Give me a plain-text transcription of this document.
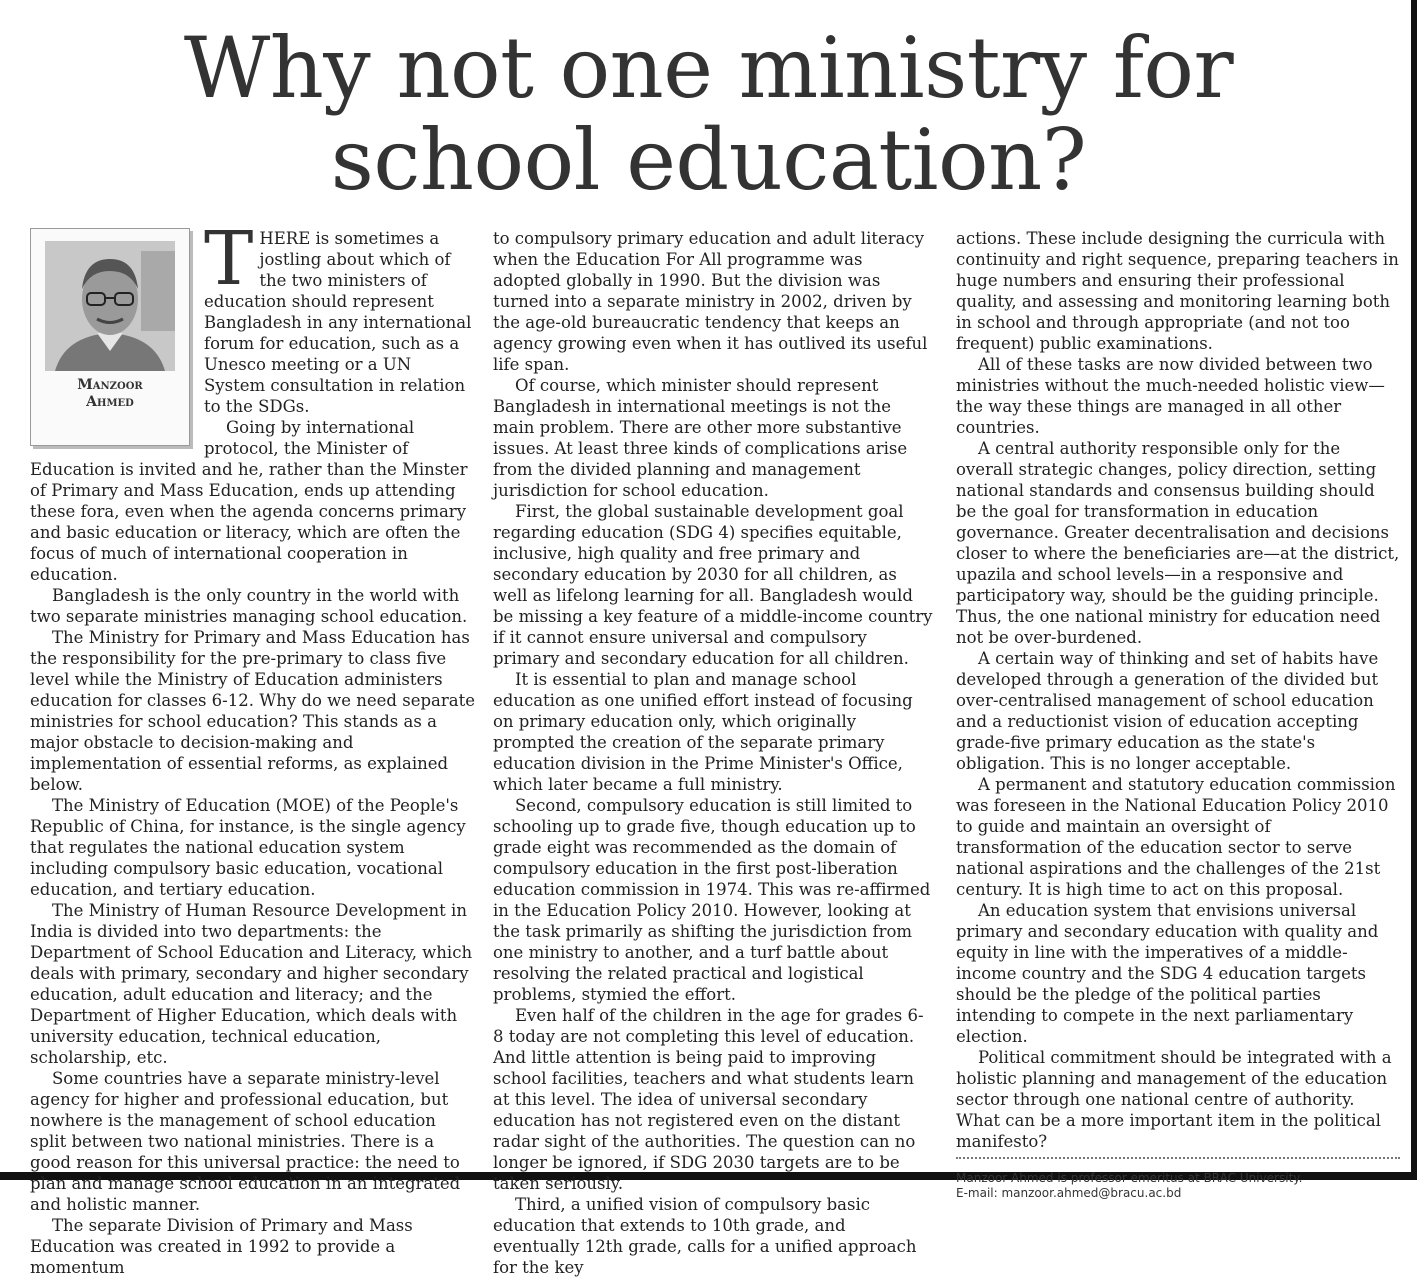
Why not one ministry for
school education?
Manzoor
Ahmed

THERE is sometimes a jostling about which of the two ministers of education should represent Bangladesh in any international forum for education, such as a Unesco meeting or a UN System consultation in relation to the SDGs.

Going by international protocol, the Minister of Education is invited and he, rather than the Minster of Primary and Mass Education, ends up attending these fora, even when the agenda concerns primary and basic education or literacy, which are often the focus of much of international cooperation in education.

Bangladesh is the only country in the world with two separate ministries managing school education.

The Ministry for Primary and Mass Education has the responsibility for the pre-primary to class five level while the Ministry of Education administers education for classes 6-12. Why do we need separate ministries for school education? This stands as a major obstacle to decision-making and implementation of essential reforms, as explained below.

The Ministry of Education (MOE) of the People's Republic of China, for instance, is the single agency that regulates the national education system including compulsory basic education, vocational education, and tertiary education.

The Ministry of Human Resource Development in India is divided into two departments: the Department of School Education and Literacy, which deals with primary, secondary and higher secondary education, adult education and literacy; and the Department of Higher Education, which deals with university education, technical education, scholarship, etc.

Some countries have a separate ministry-level agency for higher and professional education, but nowhere is the management of school education split between two national ministries. There is a good reason for this universal practice: the need to plan and manage school education in an integrated and holistic manner.

The separate Division of Primary and Mass Education was created in 1992 to provide a momentum

to compulsory primary education and adult literacy when the Education For All programme was adopted globally in 1990. But the division was turned into a separate ministry in 2002, driven by the age-old bureaucratic tendency that keeps an agency growing even when it has outlived its useful life span.

Of course, which minister should represent Bangladesh in international meetings is not the main problem. There are other more substantive issues. At least three kinds of complications arise from the divided planning and management jurisdiction for school education.

First, the global sustainable development goal regarding education (SDG 4) specifies equitable, inclusive, high quality and free primary and secondary education by 2030 for all children, as well as lifelong learning for all. Bangladesh would be missing a key feature of a middle-income country if it cannot ensure universal and compulsory primary and secondary education for all children.

It is essential to plan and manage school education as one unified effort instead of focusing on primary education only, which originally prompted the creation of the separate primary education division in the Prime Minister's Office, which later became a full ministry.

Second, compulsory education is still limited to schooling up to grade five, though education up to grade eight was recommended as the domain of compulsory education in the first post-liberation education commission in 1974. This was re-affirmed in the Education Policy 2010. However, looking at the task primarily as shifting the jurisdiction from one ministry to another, and a turf battle about resolving the related practical and logistical problems, stymied the effort.

Even half of the children in the age for grades 6-8 today are not completing this level of education. And little attention is being paid to improving school facilities, teachers and what students learn at this level. The idea of universal secondary education has not registered even on the distant radar sight of the authorities. The question can no longer be ignored, if SDG 2030 targets are to be taken seriously.

Third, a unified vision of compulsory basic education that extends to 10th grade, and eventually 12th grade, calls for a unified approach for the key

actions. These include designing the curricula with continuity and right sequence, preparing teachers in huge numbers and ensuring their professional quality, and assessing and monitoring learning both in school and through appropriate (and not too frequent) public examinations.

All of these tasks are now divided between two ministries without the much-needed holistic view—the way these things are managed in all other countries.

A central authority responsible only for the overall strategic changes, policy direction, setting national standards and consensus building should be the goal for transformation in education governance. Greater decentralisation and decisions closer to where the beneficiaries are—at the district, upazila and school levels—in a responsive and participatory way, should be the guiding principle. Thus, the one national ministry for education need not be over-burdened.

A certain way of thinking and set of habits have developed through a generation of the divided but over-centralised management of school education and a reductionist vision of education accepting grade-five primary education as the state's obligation. This is no longer acceptable.

A permanent and statutory education commission was foreseen in the National Education Policy 2010 to guide and maintain an oversight of transformation of the education sector to serve national aspirations and the challenges of the 21st century. It is high time to act on this proposal.

An education system that envisions universal primary and secondary education with quality and equity in line with the imperatives of a middle-income country and the SDG 4 education targets should be the pledge of the political parties intending to compete in the next parliamentary election.

Political commitment should be integrated with a holistic planning and management of the education sector through one national centre of authority. What can be a more important item in the political manifesto?

Manzoor Ahmed is professor emeritus at BRAC University.
E-mail: manzoor.ahmed@bracu.ac.bd
